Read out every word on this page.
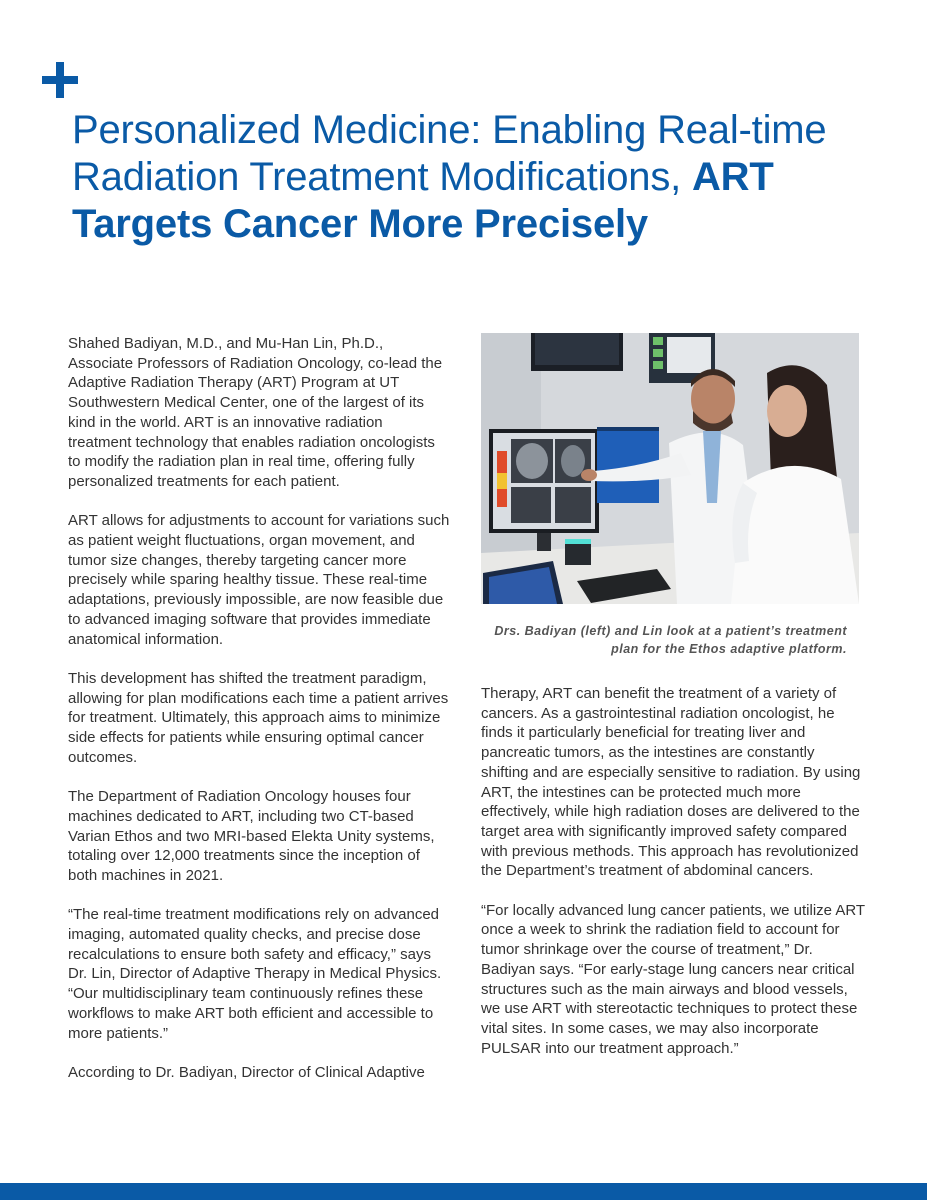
Personalized Medicine: Enabling Real-time Radiation Treatment Modifications, ART Targets Cancer More Precisely

Shahed Badiyan, M.D., and Mu-Han Lin, Ph.D., Associate Professors of Radiation Oncology, co-lead the Adaptive Radiation Therapy (ART) Program at UT Southwestern Medical Center, one of the largest of its kind in the world. ART is an innovative radiation treatment technology that enables radiation oncologists to modify the radiation plan in real time, offering fully personalized treatments for each patient.

ART allows for adjustments to account for variations such as patient weight fluctuations, organ movement, and tumor size changes, thereby targeting cancer more precisely while sparing healthy tissue. These real-time adaptations, previously impossible, are now feasible due to advanced imaging software that provides immediate anatomical information.

This development has shifted the treatment paradigm, allowing for plan modifications each time a patient arrives for treatment. Ultimately, this approach aims to minimize side effects for patients while ensuring optimal cancer outcomes.

The Department of Radiation Oncology houses four machines dedicated to ART, including two CT-based Varian Ethos and two MRI-based Elekta Unity systems, totaling over 12,000 treatments since the inception of both machines in 2021.

“The real-time treatment modifications rely on advanced imaging, automated quality checks, and precise dose recalculations to ensure both safety and efficacy,” says Dr. Lin, Director of Adaptive Therapy in Medical Physics. “Our multidisciplinary team continuously refines these workflows to make ART both efficient and accessible to more patients.”

According to Dr. Badiyan, Director of Clinical Adaptive

Drs. Badiyan (left) and Lin look at a patient’s treatment plan for the Ethos adaptive platform.

Therapy, ART can benefit the treatment of a variety of cancers. As a gastrointestinal radiation oncologist, he finds it particularly beneficial for treating liver and pancreatic tumors, as the intestines are constantly shifting and are especially sensitive to radiation. By using ART, the intestines can be protected much more effectively, while high radiation doses are delivered to the target area with significantly improved safety compared with previous methods. This approach has revolutionized the Department’s treatment of abdominal cancers.

“For locally advanced lung cancer patients, we utilize ART once a week to shrink the radiation field to account for tumor shrinkage over the course of treatment,” Dr. Badiyan says. “For early-stage lung cancers near critical structures such as the main airways and blood vessels, we use ART with stereotactic techniques to protect these vital sites. In some cases, we may also incorporate PULSAR into our treatment approach.”
